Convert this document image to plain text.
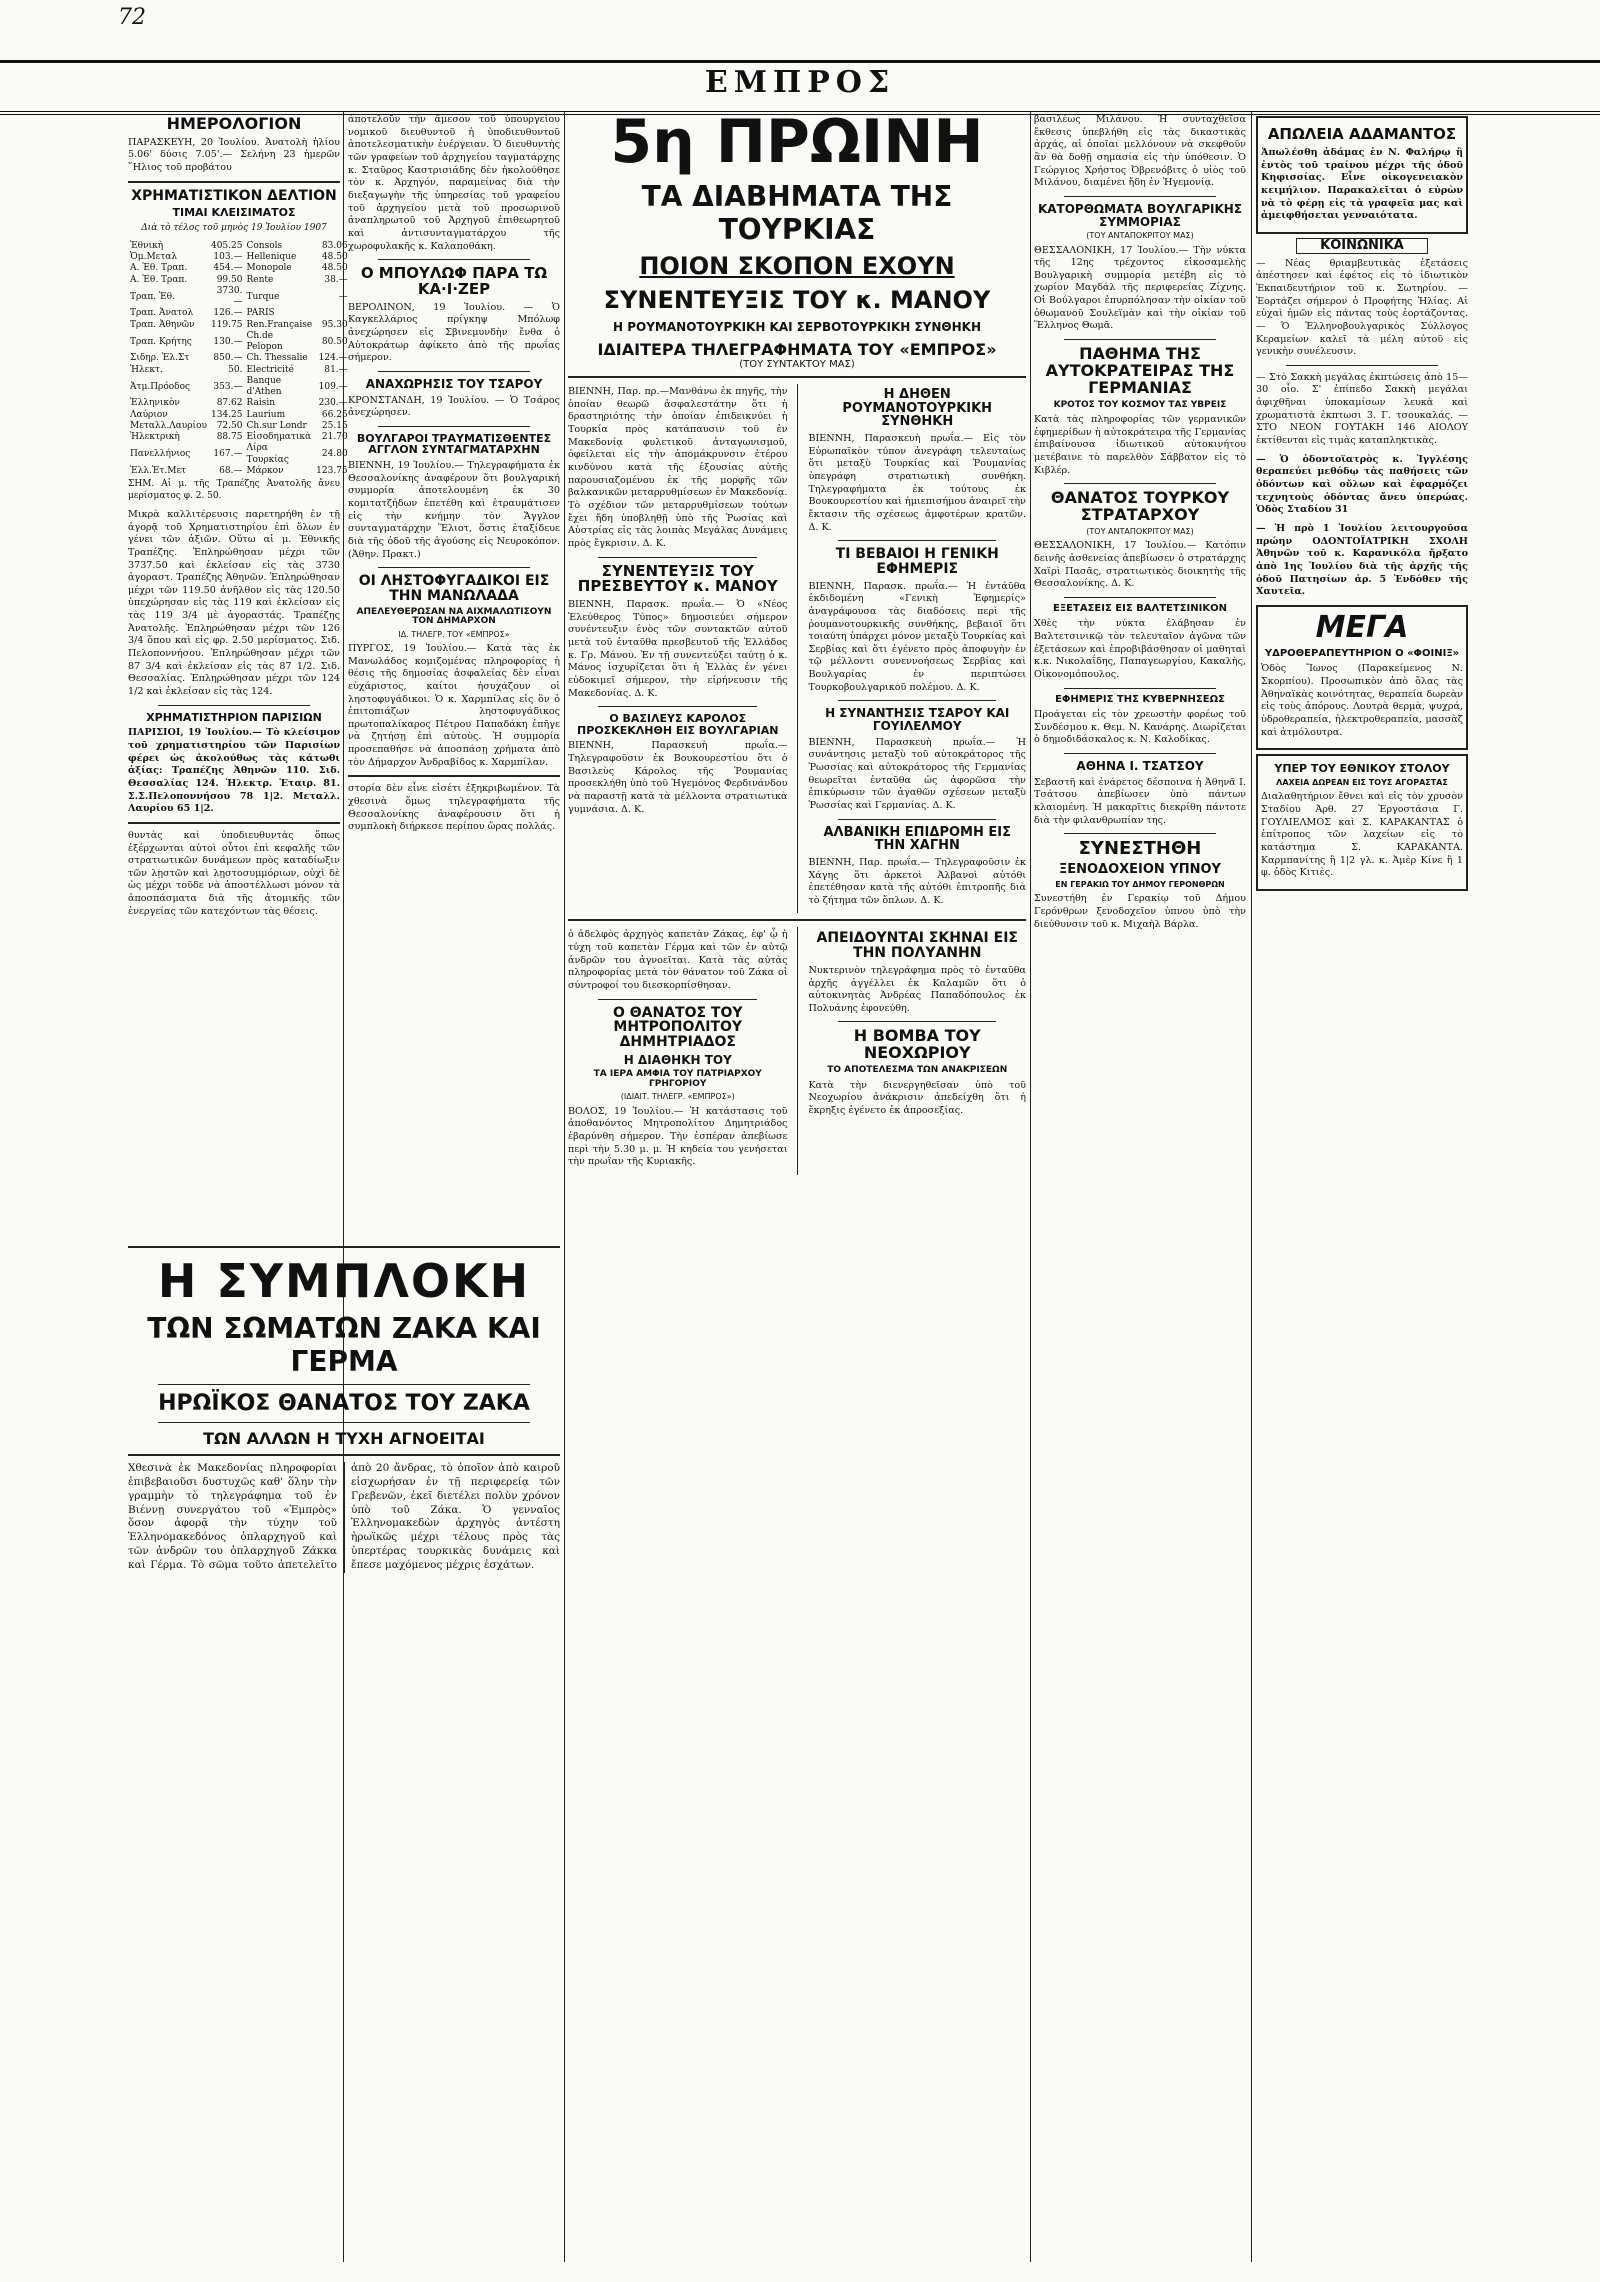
72
ΕΜΠΡΟΣ
ΗΜΕΡΟΛΟΓΙΟΝ
ΠΑΡΑΣΚΕΥΗ, 20 Ἰουλίου. Ἀνατολὴ ἡλίου 5.06' δύσις 7.05'.— Σελήνη 23 ἡμερῶν ῞Ηλιος τοῦ προβάτου
ΧΡΗΜΑΤΙΣΤΙΚΟΝ ΔΕΛΤΙΟΝ
ΤΙΜΑΙ ΚΛΕΙΣΙΜΑΤΟΣ
Διὰ τὸ τέλος τοῦ μηνὸς 19 Ἰουλίου 1907
Ἐθνικὴ	405.25	Consols	83.06
Ὁμ.Μεταλ	103.—	Hellenique	48.50
Α. Ἐθ. Τραπ.	454.—	Monopole	48.50
Α. Ἐθ. Τραπ.	99.50	Rente	38.—
Τραπ. Ἐθ.	3730.—	Turque	—
Τραπ. Ἀνατολ	126.—	PARIS	
Τραπ. Ἀθηνῶν	119.75	Ren.Française	95.30
Τραπ. Κρήτης	130.—	Ch.de Pelopon	80.50
Σιδηρ. Ἐλ.Στ	850.—	Ch. Thessalie	124.—
Ἠλεκτ.	50.	Electricité	81.—
Ἀτμ.Πρόοδος	353.—	Banque d'Athen	109.—
Ἑλληνικὸν	87.62	Raisin	230.—
Λαύριον	134.25	Laurium	66.25
Μεταλλ.Λαυρίου	72.50	Ch.sur Londr	25.15
Ἠλεκτρικὴ	88.75	Εἰσοδηματικὰ	21.70
Πανελλήνιος	167.—	Λίρα Τουρκίας	24.80
Ἑλλ.Ἑτ.Μετ	68.—	Μάρκον	123.75
ΣΗΜ. Αἱ μ. τῆς Τραπέζης Ἀνατολῆς ἄνευ μερίσματος φ. 2. 50.
Μικρὰ καλλιτέρευσις παρετηρήθη ἐν τῇ ἀγορᾷ τοῦ Χρηματιστηρίου ἐπὶ ὅλων ἐν γένει τῶν ἀξιῶν. Οὕτω αἱ μ. Ἐθνικῆς Τραπέζης. Ἐπληρώθησαν μέχρι τῶν 3737.50 καὶ ἐκλείσαν εἰς τὰς 3730 ἀγοραστ. Τραπέζης Ἀθηνῶν. Ἐπληρώθησαν μέχρι τῶν 119.50 ἀνῆλθον εἰς τὰς 120.50 ὑπεχώρησαν εἰς τὰς 119 καὶ ἐκλείσαν εἰς τὰς 119 3/4 μὲ ἀγοραστάς. Τραπέζης Ἀνατολῆς. Ἐπληρώθησαν μέχρι τῶν 126 3/4 ὅπου καὶ εἰς φρ. 2.50 μερίσματος. Σιδ. Πελοποννήσου. Ἐπληρώθησαν μέχρι τῶν 87 3/4 καὶ ἐκλείσαν εἰς τὰς 87 1/2. Σιδ. Θεσσαλίας. Ἐπληρώθησαν μέχρι τῶν 124 1/2 καὶ ἐκλείσαν εἰς τὰς 124.
ΧΡΗΜΑΤΙΣΤΗΡΙΟΝ ΠΑΡΙΣΙΩΝ
ΠΑΡΙΣΙΟΙ, 19 Ἰουλίου.— Τὸ κλείσιμον τοῦ χρηματιστηρίου τῶν Παρισίων φέρει ὡς ἀκολούθως τὰς κάτωθι ἀξίας: Τραπέζης Ἀθηνῶν 110. Σιδ. Θεσσαλίας 124. Ἠλεκτρ. Ἑταιρ. 81. Σ.Σ.Πελοποννήσου 78 1|2. Μεταλλ. Λαυρίου 65 1|2.
θυντὰς καὶ ὑποδιευθυντὰς ὅπως ἐξέρχωνται αὐτοὶ οὗτοι ἐπὶ κεφαλῆς τῶν στρατιωτικῶν δυνάμεων πρὸς καταδίωξιν τῶν λῃστῶν καὶ λῃστοσυμμόριων, οὐχὶ δὲ ὡς μέχρι τοῦδε νὰ ἀποστέλλωσι μόνον τὰ ἀποσπάσματα διὰ τῆς ἀτομικῆς τῶν ἐνεργείας τῶν κατεχόντων τὰς θέσεις.
ἀποτελοῦν τὴν ἄμεσον τοῦ ὑπουργείου νομικοῦ διευθυντοῦ ἡ ὑποδιευθυντοῦ ἀποτελεσματικὴν ἐνέργειαν. Ὁ διευθυντὴς τῶν γραφείων τοῦ ἀρχηγείου ταγματάρχης κ. Σταῦρος Καστρισιάδης δὲν ἠκολούθησε τὸν κ. Ἀρχηγόν, παραμείνας διὰ τὴν διεξαγωγὴν τῆς ὑπηρεσίας τοῦ γραφείου τοῦ ἀρχηγείου μετὰ τοῦ προσωρινοῦ ἀναπληρωτοῦ τοῦ Ἀρχηγοῦ ἐπιθεωρητοῦ καὶ ἀντισυνταγματάρχου τῆς χωροφυλακῆς κ. Καλαποθάκη.
Ο ΜΠΟΥΛΩΦ ΠΑΡΑ ΤΩ ΚΑ·Ι·ΖΕΡ
ΒΕΡΟΛΙΝΟΝ, 19 Ἰουλίου. — Ὁ Καγκελλάριος πρίγκηψ Μπόλωφ ἀνεχώρησεν εἰς Σβινεμυνδὴν ἔνθα ὁ Αὐτοκράτωρ ἀφίκετο ἀπὸ τῆς πρωΐας σήμερον.
ΑΝΑΧΩΡΗΣΙΣ ΤΟΥ ΤΣΑΡΟΥ
ΚΡΟΝΣΤΑΝΔΗ, 19 Ἰουλίου. — Ὁ Τσάρος ἀνεχώρησεν.
ΒΟΥΛΓΑΡΟΙ ΤΡΑΥΜΑΤΙΣΘΕΝΤΕΣ ΑΓΓΛΟΝ ΣΥΝΤΑΓΜΑΤΑΡΧΗΝ
ΒΙΕΝΝΗ, 19 Ἰουλίου.— Τηλεγραφήματα ἐκ Θεσσαλονίκης ἀναφέρουν ὅτι βουλγαρική συμμορία ἀποτελουμένη ἐκ 30 κομιτατζήδων ἐπετέθη καὶ ἐτραυμάτισεν εἰς τὴν κνήμην τὸν Ἄγγλον συνταγματάρχην Ἕλιοτ, ὅστις ἐταξίδευε διὰ τῆς ὁδοῦ τῆς ἀγούσης εἰς Νευροκόπον. (Ἀθην. Πρακτ.)
ΟΙ ΛΗΣΤΟΦΥΓΑΔΙΚΟΙ ΕΙΣ ΤΗΝ ΜΑΝΩΛΑΔΑ
ΑΠΕΛΕΥΘΕΡΩΣΑΝ ΝΑ ΑΙΧΜΑΛΩΤΙΣΟΥΝ ΤΟΝ ΔΗΜΑΡΧΟΝ
ΙΔ. ΤΗΛΕΓΡ. ΤΟΥ «ΕΜΠΡΟΣ»
ΠΥΡΓΟΣ, 19 Ἰουλίου.— Κατὰ τὰς ἐκ Μανωλάδος κομιζομένας πληροφορίας ἡ θέσις τῆς δημοσίας ἀσφαλείας δὲν εἶναι εὐχάριστος, καίτοι ἠσυχάζουν οἱ ληστοφυγάδικοι. Ὁ κ. Χαρμπίλας εἰς ὃν ὁ ἐπιτοπιάζων ληστοφυγάδικος πρωτοπαλίκαρος Πέτρου Παπαδάκη ἐπῆγε νὰ ζητήσῃ ἐπὶ αὐτοὺς. Ἡ συμμορία προσεπαθήσε νὰ ἀποσπάσῃ χρήματα ἀπὸ τὸν Δήμαρχον Ἀνδραβίδος κ. Χαρμπίλαν.
στορία δὲν εἶνε εἰσέτι ἐξηκριβωμένον. Τὰ χθεσινὰ ὅμως τηλεγραφήματα τῆς Θεσσαλονίκης ἀναφέρουσιν ὅτι ἡ συμπλοκὴ διήρκεσε περίπου ὥρας πολλάς.
Η ΣΥΜΠΛΟΚΗ
ΤΩΝ ΣΩΜΑΤΩΝ ΖΑΚΑ ΚΑΙ ΓΕΡΜΑ
ΗΡΩΪΚΟΣ ΘΑΝΑΤΟΣ ΤΟΥ ΖΑΚΑ
ΤΩΝ ΑΛΛΩΝ Η ΤΥΧΗ ΑΓΝΟΕΙΤΑΙ
Χθεσινὰ ἐκ Μακεδονίας πληροφορίαι ἐπιβεβαιοῦσι δυστυχῶς καθ' ὅλην τὴν γραμμὴν τὸ τηλεγράφημα τοῦ ἐν Βιέννῃ συνεργάτου τοῦ «Ἐμπρὸς» ὅσον ἀφορᾷ τὴν τύχην τοῦ Ἑλληνομακεδόνος ὁπλαρχηγοῦ καὶ τῶν ἀνδρῶν του ὁπλαρχηγοῦ Ζάκκα καὶ Γέρμα. Τὸ σῶμα τοῦτο ἀπετελεῖτο ἀπὸ 20 ἄνδρας, τὸ ὁποῖον ἀπὸ καιροῦ εἰσχωρήσαν ἐν τῇ περιφερείᾳ τῶν Γρεβενῶν, ἐκεῖ διετέλει πολὺν χρόνον ὑπὸ τοῦ Ζάκα. Ὁ γενναῖος Ἑλληνομακεδὼν ἀρχηγὸς ἀντέστη ἡρωϊκῶς μέχρι τέλους πρὸς τὰς ὑπερτέρας τουρκικὰς δυνάμεις καὶ ἔπεσε μαχόμενος μέχρις ἐσχάτων.
5η ΠΡΩΙΝΗ
ΤΑ ΔΙΑΒΗΜΑΤΑ ΤΗΣ ΤΟΥΡΚΙΑΣ
ΠΟΙΟΝ ΣΚΟΠΟΝ ΕΧΟΥΝ
ΣΥΝΕΝΤΕΥΞΙΣ ΤΟΥ κ. ΜΑΝΟΥ
Η ΡΟΥΜΑΝΟΤΟΥΡΚΙΚΗ ΚΑΙ ΣΕΡΒΟΤΟΥΡΚΙΚΗ ΣΥΝΘΗΚΗ
ΙΔΙΑΙΤΕΡΑ ΤΗΛΕΓΡΑΦΗΜΑΤΑ ΤΟΥ «ΕΜΠΡΟΣ»
(ΤΟΥ ΣΥΝΤΑΚΤΟΥ ΜΑΣ)
ΒΙΕΝΝΗ, Παρ. πρ.—Μανθάνω ἐκ πηγῆς, τὴν ὁποίαν θεωρῶ ἀσφαλεστάτην ὅτι ἡ δραστηριότης τὴν ὁποίαν ἐπιδεικνύει ἡ Τουρκία πρὸς κατάπαυσιν τοῦ ἐν Μακεδονίᾳ φυλετικοῦ ἀνταγωνισμοῦ, ὀφείλεται εἰς τὴν ἀπομάκρυνσιν ἑτέρου κινδύνου κατὰ τῆς ἐξουσίας αὐτῆς παρουσιαζομένου ἐκ τῆς μορφῆς τῶν βαλκανικῶν μεταρρυθμίσεων ἐν Μακεδονίᾳ. Τὸ σχέδιον τῶν μεταρρυθμίσεων τούτων ἔχει ἤδη ὑποβληθῇ ὑπὸ τῆς Ῥωσίας καὶ Αὐστρίας εἰς τὰς λοιπὰς Μεγάλας Δυνάμεις πρὸς ἔγκρισιν. Δ. Κ.
ΣΥΝΕΝΤΕΥΞΙΣ ΤΟΥ ΠΡΕΣΒΕΥΤΟΥ κ. ΜΑΝΟΥ
ΒΙΕΝΝΗ, Παρασκ. πρωΐα.— Ὁ «Νέος Ἐλεύθερος Τύπος» δημοσιεύει σήμερον συνέντευξιν ἑνὸς τῶν συντακτῶν αὐτοῦ μετὰ τοῦ ἐνταῦθα πρεσβευτοῦ τῆς Ἑλλάδος κ. Γρ. Μάνου. Ἐν τῇ συνεντεύξει ταύτῃ ὁ κ. Μάνος ἰσχυρίζεται ὅτι ἡ Ἑλλὰς ἐν γένει εὐδοκιμεῖ σήμερον, τὴν εἰρήνευσιν τῆς Μακεδονίας. Δ. Κ.
Ο ΒΑΣΙΛΕΥΣ ΚΑΡΟΛΟΣ ΠΡΟΣΚΕΚΛΗΘΗ ΕΙΣ ΒΟΥΛΓΑΡΙΑΝ
ΒΙΕΝΝΗ, Παρασκευὴ πρωΐα.— Τηλεγραφοῦσιν ἐκ Βουκουρεστίου ὅτι ὁ Βασιλεὺς Κάρολος τῆς Ῥουμανίας προσεκλήθη ὑπὸ τοῦ Ἡγεμόνος Φερδινάνδου νὰ παραστῇ κατὰ τὰ μέλλοντα στρατιωτικὰ γυμνάσια. Δ. Κ.
Η ΔΗΘΕΝ ΡΟΥΜΑΝΟΤΟΥΡΚΙΚΗ ΣΥΝΘΗΚΗ
ΒΙΕΝΝΗ, Παρασκευὴ πρωΐα.— Εἰς τὸν Εὐρωπαϊκὸν τύπον ἀνεγράφη τελευταίως ὅτι μεταξὺ Τουρκίας καὶ Ῥουμανίας ὑπεγράφη στρατιωτικὴ συνθήκη. Τηλεγραφήματα ἐκ τούτους ἐκ Βουκουρεστίου καὶ ἡμιεπισήμου ἀναιρεῖ τὴν ἔκτασιν τῆς σχέσεως ἀμφοτέρων κρατῶν. Δ. Κ.
ΤΙ ΒΕΒΑΙΟΙ Η ΓΕΝΙΚΗ ΕΦΗΜΕΡΙΣ
ΒΙΕΝΝΗ, Παρασκ. πρωΐα.— Ἡ ἐντάῦθα ἐκδιδομένη «Γενικὴ Ἐφημερίς» ἀναγράφουσα τὰς διαδόσεις περὶ τῆς ῥουμανοτουρκικῆς συνθήκης, βεβαιοῖ ὅτι τοιαύτη ὑπάρχει μόνον μεταξὺ Τουρκίας καὶ Σερβίας καὶ ὅτι ἐγένετο πρὸς ἀποφυγὴν ἐν τῷ μέλλοντι συνεννοήσεως Σερβίας καὶ Βουλγαρίας ἐν περιπτώσει Τουρκοβουλγαρικοῦ πολέμου. Δ. Κ.
Η ΣΥΝΑΝΤΗΣΙΣ ΤΣΑΡΟΥ ΚΑΙ ΓΟΥΙΛΕΛΜΟΥ
ΒΙΕΝΝΗ, Παρασκευὴ πρωΐα.— Ἡ συνάντησις μεταξὺ τοῦ αὐτοκράτορος τῆς Ῥωσσίας καὶ αὐτοκράτορος τῆς Γερμανίας θεωρεῖται ἐνταῦθα ὡς ἀφορῶσα τὴν ἐπικύρωσιν τῶν ἀγαθῶν σχέσεων μεταξὺ Ῥωσσίας καὶ Γερμανίας. Δ. Κ.
ΑΛΒΑΝΙΚΗ ΕΠΙΔΡΟΜΗ ΕΙΣ ΤΗΝ ΧΑΓΗΝ
ΒΙΕΝΝΗ, Παρ. πρωΐα.— Τηλεγραφοῦσιν ἐκ Χάγης ὅτι ἀρκετοὶ Ἀλβανοὶ αὐτόθι ἐπετέθησαν κατὰ τῆς αὐτόθι ἐπιτροπῆς διὰ τὸ ζήτημα τῶν ὅπλων. Δ. Κ.
ὁ ἀδελφὸς ἀρχηγὸς καπετὰν Ζάκας, ἐφ' ᾧ ἡ τύχη τοῦ καπετὰν Γέρμα καὶ τῶν ἐν αὐτῷ ἀνδρῶν του ἀγνοεῖται. Κατὰ τὰς αὐτὰς πληροφορίας μετὰ τὸν θάνατον τοῦ Ζάκα οἱ σύντροφοί του διεσκορπίσθησαν.
Ο ΘΑΝΑΤΟΣ ΤΟΥ ΜΗΤΡΟΠΟΛΙΤΟΥ ΔΗΜΗΤΡΙΑΔΟΣ
Η ΔΙΑΘΗΚΗ ΤΟΥ
ΤΑ ΙΕΡΑ ΑΜΦΙΑ ΤΟΥ ΠΑΤΡΙΑΡΧΟΥ ΓΡΗΓΟΡΙΟΥ
(ΙΔΙΑΙΤ. ΤΗΛΕΓΡ. «ΕΜΠΡΟΣ»)
ΒΟΛΟΣ, 19 Ἰουλίου.— Ἡ κατάστασις τοῦ ἀποθανόντος Μητροπολίτου Δημητριάδος ἐβαρύνθη σήμερον. Τὴν ἐσπέραν ἀπεβίωσε περὶ τὴν 5.30 μ. μ. Ἡ κηδεία του γενήσεται τὴν πρωΐαν τῆς Κυριακῆς.
ΑΠΕΙΔΟΥΝΤΑΙ ΣΚΗΝΑΙ ΕΙΣ ΤΗΝ ΠΟΛΥΑΝΗΝ
Νυκτερινὸν τηλεγράφημα πρὸς τὸ ἐνταῦθα ἀρχῆς ἀγγέλλει ἐκ Καλαμῶν ὅτι ὁ αὐτοκινητὰς Ἀνδρέας Παπαδόπουλος ἐκ Πολυάνης ἐφονεύθη.
Η ΒΟΜΒΑ ΤΟΥ ΝΕΟΧΩΡΙΟΥ
ΤΟ ΑΠΟΤΕΛΕΣΜΑ ΤΩΝ ΑΝΑΚΡΙΣΕΩΝ
Κατὰ τὴν διενεργηθεῖσαν ὑπὸ τοῦ Νεοχωρίου ἀνάκρισιν ἀπεδείχθη ὅτι ἡ ἔκρηξις ἐγένετο ἐκ ἀπροσεξίας.
βασιλέως Μιλάνου. Ἡ συνταχθεῖσα ἔκθεσις ὑπεβλήθη εἰς τὰς δικαστικὰς ἀρχάς, αἱ ὁποῖαι μελλόνουν νὰ σκεφθοῦν ἂν θὰ δοθῇ σημασία εἰς τὴν ὑπόθεσιν. Ὁ Γεώργιος Χρήστος Ὀβρενόβιτς ὁ υἱὸς τοῦ Μιλάνου, διαμένει ἤδη ἐν Ἡγεμονίᾳ.
ΚΑΤΟΡΘΩΜΑΤΑ ΒΟΥΛΓΑΡΙΚΗΣ ΣΥΜΜΟΡΙΑΣ
(ΤΟΥ ΑΝΤΑΠΟΚΡΙΤΟΥ ΜΑΣ)
ΘΕΣΣΑΛΟΝΙΚΗ, 17 Ἰουλίου.— Τὴν νύκτα τῆς 12ης τρέχοντος εἰκοσαμελὴς Βουλγαρικὴ συμμορία μετέβη εἰς τὸ χωρίον Μαγδάλ τῆς περιφερείας Ζίχνης. Οἱ Βούλγαροι ἐπυρπόλησαν τὴν οἰκίαν τοῦ ὀθωμανοῦ Σουλεϊμὰν καὶ τὴν οἰκίαν τοῦ Ἕλληνος Θωμᾶ.
ΠΑΘΗΜΑ ΤΗΣ ΑΥΤΟΚΡΑΤΕΙΡΑΣ ΤΗΣ ΓΕΡΜΑΝΙΑΣ
ΚΡΟΤΟΣ ΤΟΥ ΚΟΣΜΟΥ ΤΑΣ ΥΒΡΕΙΣ
Κατὰ τὰς πληροφορίας τῶν γερμανικῶν ἐφημερίδων ἡ αὐτοκράτειρα τῆς Γερμανίας ἐπιβαίνουσα ἰδιωτικοῦ αὐτοκινήτου μετέβαινε τὸ παρελθὸν Σάββατον εἰς τὸ Κιβλέρ.
ΘΑΝΑΤΟΣ ΤΟΥΡΚΟΥ ΣΤΡΑΤΑΡΧΟΥ
(ΤΟΥ ΑΝΤΑΠΟΚΡΙΤΟΥ ΜΑΣ)
ΘΕΣΣΑΛΟΝΙΚΗ, 17 Ἰουλίου.— Κατόπιν δεινῆς ἀσθενείας ἀπεβίωσεν ὁ στρατάρχης Χαϊρὶ Πασᾶς, στρατιωτικὸς διοικητὴς τῆς Θεσσαλονίκης. Δ. Κ.
ΕΞΕΤΑΣΕΙΣ ΕΙΣ ΒΑΛΤΕΤΣΙΝΙΚΟΝ
Χθὲς τὴν νύκτα ἐλάβησαν ἐν Βαλτετσινικῷ τὸν τελευταῖον ἀγῶνα τῶν ἐξετάσεων καὶ ἐπροβιβάσθησαν οἱ μαθηταὶ κ.κ. Νικολαΐδης, Παπαγεωργίου, Κακαλὴς, Οἰκονομόπουλος.
ΕΦΗΜΕΡΙΣ ΤΗΣ ΚΥΒΕΡΝΗΣΕΩΣ
Προάγεται εἰς τὸν χρεωστὴν φορέως τοῦ Συνδέσμου κ. Θεμ. Ν. Κανάρης. Διωρίζεται ὁ δημοδιδάσκαλος κ. Ν. Καλοδίκας.
ΑΘΗΝΑ Ι. ΤΣΑΤΣΟΥ
Σεβαστῆ καὶ ἐνάρετος δέσποινα ἡ Ἀθηνᾶ Ι. Τσάτσου ἀπεβίωσεν ὑπὸ πάντων κλαιομένη. Ἡ μακαρῖτις διεκρίθη πάντοτε διὰ τὴν φιλανθρωπίαν της.
ΣΥΝΕΣΤΗΘΗ
ΞΕΝΟΔΟΧΕΙΟΝ ΥΠΝΟΥ
ΕΝ ΓΕΡΑΚΙΩ ΤΟΥ ΔΗΜΟΥ ΓΕΡΟΝΘΡΩΝ
Συνεστήθη ἐν Γερακίῳ τοῦ Δήμου Γερόνθρων ξενοδοχεῖον ὑπνου ὑπὸ τὴν διεύθυνσιν τοῦ κ. Μιχαὴλ Βάρλα.
ΑΠΩΛΕΙΑ ΑΔΑΜΑΝΤΟΣ
Ἀπωλέσθη ἀδάμας ἐν Ν. Φαλήρῳ ἢ ἐντὸς τοῦ τραίνου μέχρι τῆς ὁδοῦ Κηφισσίας. Εἶνε οἰκογενειακὸν κειμήλιον. Παρακαλεῖται ὁ εὑρὼν νὰ τὸ φέρῃ εἰς τὰ γραφεῖα μας καὶ ἀμειφθήσεται γενναιότατα.
ΚΟΙΝΩΝΙΚΑ
— Νέας θριαμβευτικὰς ἐξετάσεις ἀπέστησεν καὶ ἐφέτος εἰς τὸ ἰδιωτικὸν Ἐκπαιδευτήριον τοῦ κ. Σωτηρίου. — Ἐορτάζει σήμερον ὁ Προφήτης Ἠλίας. Αἱ εὐχαὶ ἡμῶν εἰς πάντας τοὺς ἑορτάζοντας. — Ὁ Ἑλληνοβουλγαρικὸς Σύλλογος Κεραμείων καλεῖ τὰ μέλη αὐτοῦ εἰς γενικὴν συνέλευσιν.
— Στὸ Σακκὴ μεγάλας ἐκπτώσεις ἀπὸ 15—30 οἷο. Σ' ἐπίπεδο Σακκὴ μεγάλαι ἀφιχθῆναι ὑποκαμίσων λευκὰ καὶ χρωματιστὰ ἐκπτωσι 3. Γ. τσουκαλάς. — ΣΤΟ ΝΕΟΝ ΓΟΥΤΑΚΗ 146 ΑΙΟΛΟΥ ἐκτίθενται εἰς τιμὰς καταπληκτικὰς.
— Ὁ ὀδοντοϊατρὸς κ. Ἰγγλέσης θεραπεύει μεθόδῳ τὰς παθήσεις τῶν ὀδόντων καὶ οὔλων καὶ ἐφαρμόζει τεχνητοὺς ὀδόντας ἄνευ ὑπερώας. Ὁδὸς Σταδίου 31
— Ἡ πρὸ 1 Ἰουλίου λειτουργοῦσα πρώην ΟΔΟΝΤΟΪΑΤΡΙΚΗ ΣΧΟΛΗ Ἀθηνῶν τοῦ κ. Καρανικόλα ἤρξατο ἀπὸ 1ης Ἰουλίου διὰ τῆς ἀρχῆς τῆς ὁδοῦ Πατησίων ἀρ. 5 Ἐνδόθεν τῆς Χαυτεῖα.
ΜΕΓΑ
ΥΔΡΟΘΕΡΑΠΕΥΤΗΡΙΟΝ Ο «ΦΟΙΝΙΞ»
Ὁδὸς Ἴωνος (Παρακείμενος Ν. Σκορπίου). Προσωπικὸν ἀπὸ ὅλας τὰς Ἀθηναϊκὰς κοινότητας, θεραπεία δωρεὰν εἰς τοὺς ἀπόρους. Λουτρὰ θερμὰ, ψυχρά, ὑδροθεραπεία, ἠλεκτροθεραπεία, μασσὰζ καὶ ἀτμόλουτρα.
ΥΠΕΡ ΤΟΥ ΕΘΝΙΚΟΥ ΣΤΟΛΟΥ
ΛΑΧΕΙΑ ΔΩΡΕΑΝ ΕΙΣ ΤΟΥΣ ΑΓΟΡΑΣΤΑΣ
Διαλαθητήριον ἔθνει καὶ εἰς τὸν χρυσὸν Σταδίου Ἀρθ. 27 Ἐργοστάσια Γ. ΓΟΥΛΙΕΛΜΟΣ καὶ Σ. ΚΑΡΑΚΑΝΤΑΣ ὁ ἐπίτροπος τῶν λαχείων εἰς τὸ κατάστημα Σ. ΚΑΡΑΚΑΝΤΑ. Καρμπανίτης ἢ 1|2 γλ. κ. Ἀμὲρ Κίνε ἢ 1 φ. ὁδὸς Κιτιὲς.
